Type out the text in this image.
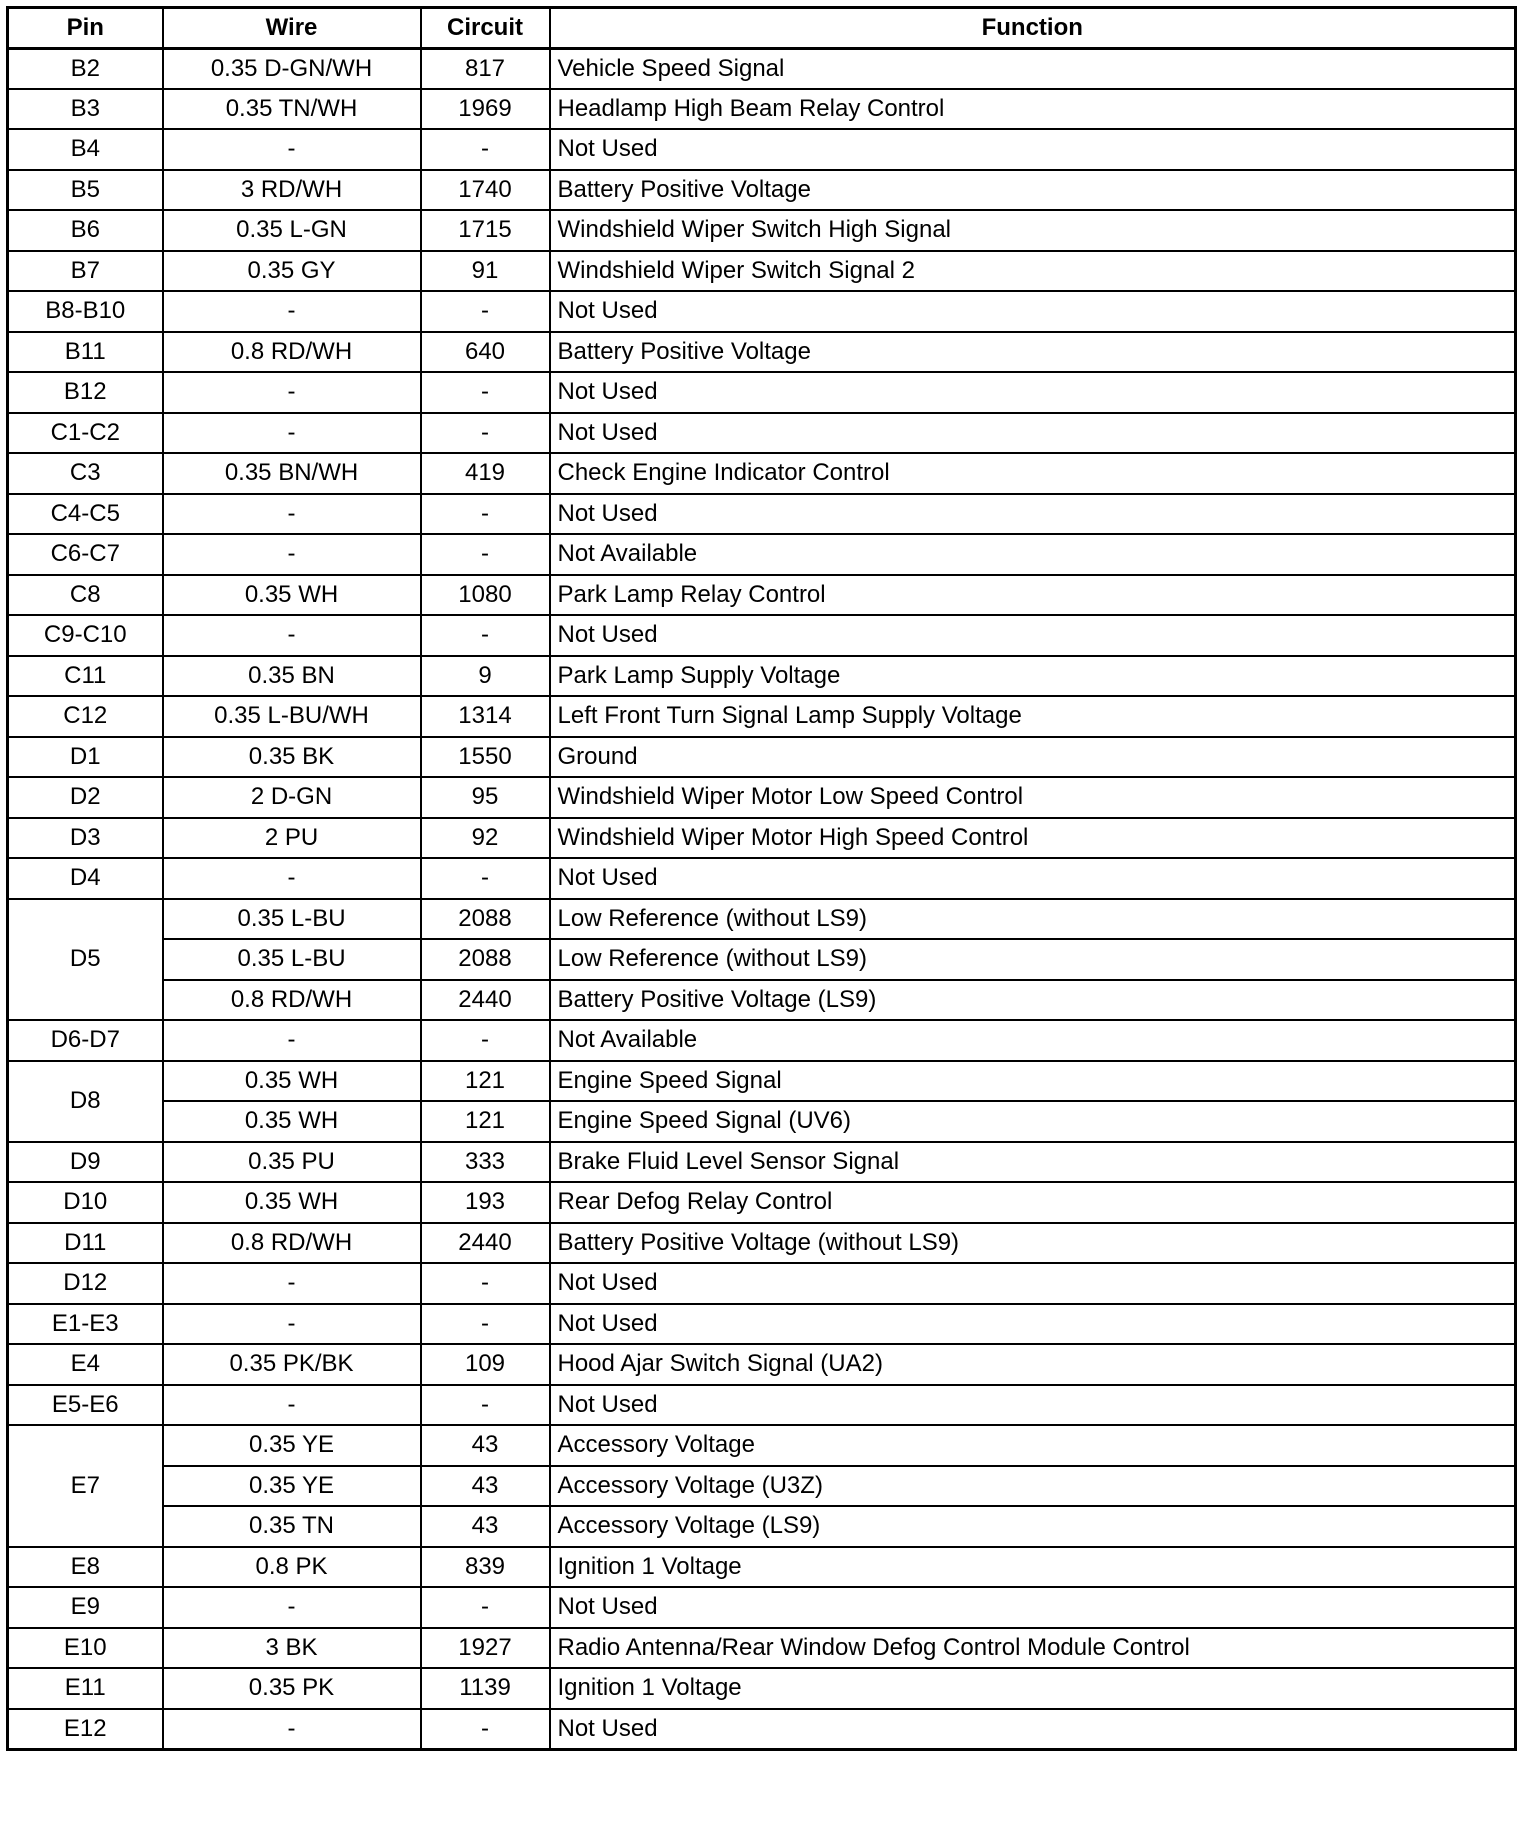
Pin	Wire	Circuit	Function
B2	0.35 D-GN/WH	817	Vehicle Speed Signal
B3	0.35 TN/WH	1969	Headlamp High Beam Relay Control
B4	-	-	Not Used
B5	3 RD/WH	1740	Battery Positive Voltage
B6	0.35 L-GN	1715	Windshield Wiper Switch High Signal
B7	0.35 GY	91	Windshield Wiper Switch Signal 2
B8-B10	-	-	Not Used
B11	0.8 RD/WH	640	Battery Positive Voltage
B12	-	-	Not Used
C1-C2	-	-	Not Used
C3	0.35 BN/WH	419	Check Engine Indicator Control
C4-C5	-	-	Not Used
C6-C7	-	-	Not Available
C8	0.35 WH	1080	Park Lamp Relay Control
C9-C10	-	-	Not Used
C11	0.35 BN	9	Park Lamp Supply Voltage
C12	0.35 L-BU/WH	1314	Left Front Turn Signal Lamp Supply Voltage
D1	0.35 BK	1550	Ground
D2	2 D-GN	95	Windshield Wiper Motor Low Speed Control
D3	2 PU	92	Windshield Wiper Motor High Speed Control
D4	-	-	Not Used
D5	0.35 L-BU	2088	Low Reference (without LS9)
	0.35 L-BU	2088	Low Reference (without LS9)
	0.8 RD/WH	2440	Battery Positive Voltage (LS9)
D6-D7	-	-	Not Available
D8	0.35 WH	121	Engine Speed Signal
	0.35 WH	121	Engine Speed Signal (UV6)
D9	0.35 PU	333	Brake Fluid Level Sensor Signal
D10	0.35 WH	193	Rear Defog Relay Control
D11	0.8 RD/WH	2440	Battery Positive Voltage (without LS9)
D12	-	-	Not Used
E1-E3	-	-	Not Used
E4	0.35 PK/BK	109	Hood Ajar Switch Signal (UA2)
E5-E6	-	-	Not Used
E7	0.35 YE	43	Accessory Voltage
	0.35 YE	43	Accessory Voltage (U3Z)
	0.35 TN	43	Accessory Voltage (LS9)
E8	0.8 PK	839	Ignition 1 Voltage
E9	-	-	Not Used
E10	3 BK	1927	Radio Antenna/Rear Window Defog Control Module Control
E11	0.35 PK	1139	Ignition 1 Voltage
E12	-	-	Not Used
